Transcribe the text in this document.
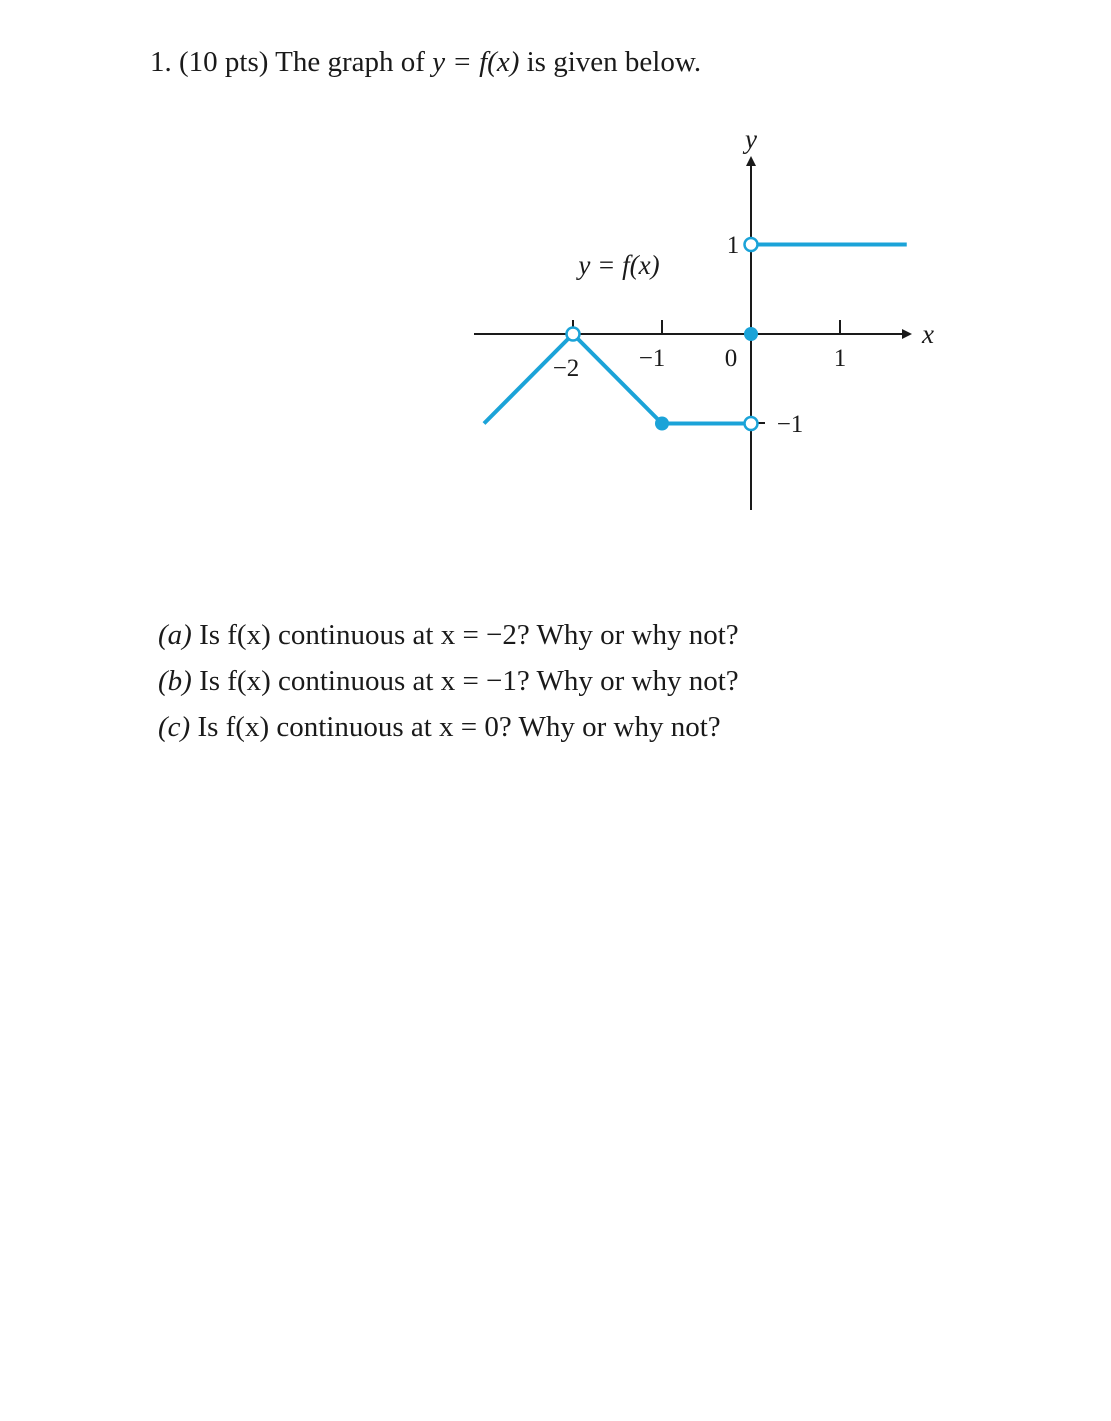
1. (10 pts) The graph of y = f(x) is given below.
y
x
−2 −1 0	1
1
−1
y = f(x)
(a) Is f(x) continuous at x = −2? Why or why not?
(b) Is f(x) continuous at x = −1? Why or why not?
(c) Is f(x) continuous at x = 0? Why or why not?
